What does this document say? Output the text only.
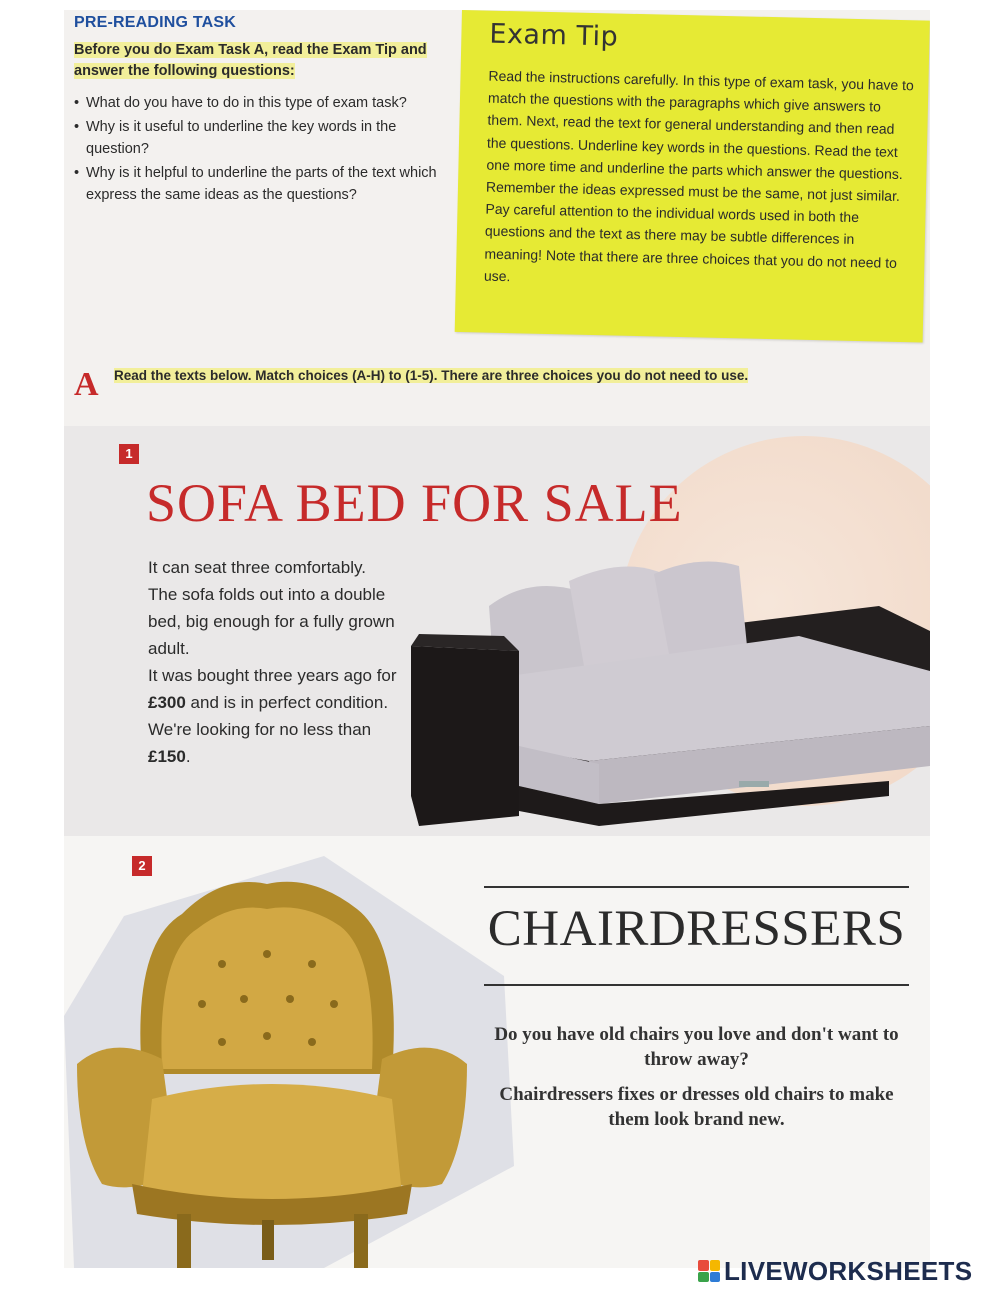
PRE-READING TASK
Before you do Exam Task A, read the Exam Tip and answer the following questions:
• What do you have to do in this type of exam task?
• Why is it useful to underline the key words in the question?
• Why is it helpful to underline the parts of the text which express the same ideas as the questions?
Exam Tip
Read the instructions carefully. In this type of exam task, you have to match the questions with the paragraphs which give answers to them. Next, read the text for general understanding and then read the questions. Underline key words in the questions. Read the text one more time and underline the parts which answer the questions. Remember the ideas expressed must be the same, not just similar. Pay careful attention to the individual words used in both the questions and the text as there may be subtle differences in meaning! Note that there are three choices that you do not need to use.
A Read the texts below. Match choices (A-H) to (1-5). There are three choices you do not need to use.
1
SOFA BED FOR SALE

It can seat three comfortably.

The sofa folds out into a double bed, big enough for a fully grown adult.

It was bought three years ago for £300 and is in perfect condition.

We're looking for no less than £150.

2
CHAIRDRESSERS
Do you have old chairs you love and don't want to throw away?
Chairdressers fixes or dresses old chairs to make them look brand new.
LIVEWORKSHEETS
